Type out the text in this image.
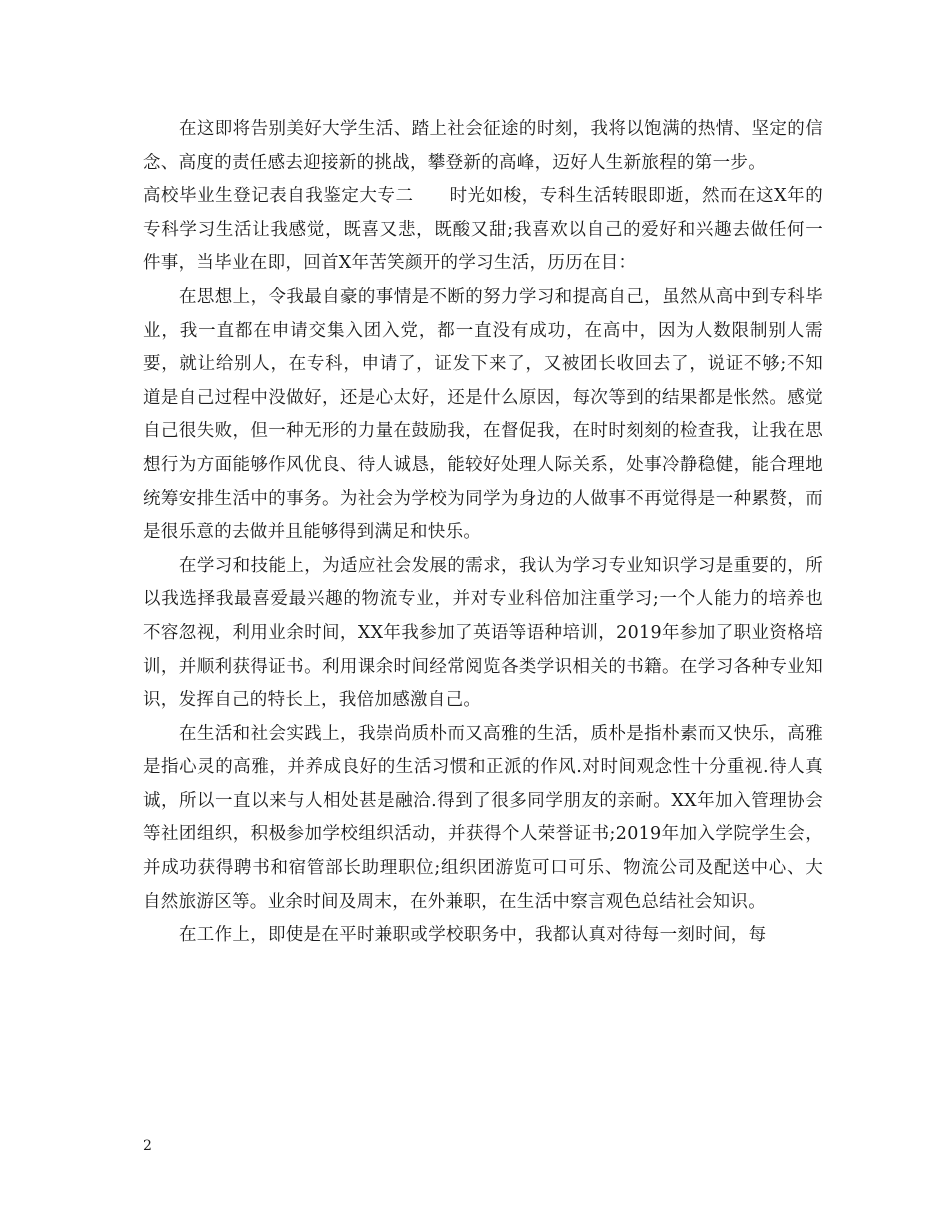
在这即将告别美好大学生活、踏上社会征途的时刻，我将以饱满的热情、坚定的信念、高度的责任感去迎接新的挑战，攀登新的高峰，迈好人生新旅程的第一步。

高校毕业生登记表自我鉴定大专二　　时光如梭，专科生活转眼即逝，然而在这X年的专科学习生活让我感觉，既喜又悲，既酸又甜;我喜欢以自己的爱好和兴趣去做任何一件事，当毕业在即，回首X年苦笑颜开的学习生活，历历在目：

在思想上，令我最自豪的事情是不断的努力学习和提高自己，虽然从高中到专科毕业，我一直都在申请交集入团入党，都一直没有成功，在高中，因为人数限制别人需要，就让给别人，在专科，申请了，证发下来了，又被团长收回去了，说证不够;不知道是自己过程中没做好，还是心太好，还是什么原因，每次等到的结果都是怅然。感觉自己很失败，但一种无形的力量在鼓励我，在督促我，在时时刻刻的检查我，让我在思想行为方面能够作风优良、待人诚恳，能较好处理人际关系，处事冷静稳健，能合理地统筹安排生活中的事务。为社会为学校为同学为身边的人做事不再觉得是一种累赘，而是很乐意的去做并且能够得到满足和快乐。

在学习和技能上，为适应社会发展的需求，我认为学习专业知识学习是重要的，所以我选择我最喜爱最兴趣的物流专业，并对专业科倍加注重学习;一个人能力的培养也不容忽视，利用业余时间，XX年我参加了英语等语种培训，2019年参加了职业资格培训，并顺利获得证书。利用课余时间经常阅览各类学识相关的书籍。在学习各种专业知识，发挥自己的特长上，我倍加感激自己。

在生活和社会实践上，我崇尚质朴而又高雅的生活，质朴是指朴素而又快乐，高雅是指心灵的高雅，并养成良好的生活习惯和正派的作风.对时间观念性十分重视.待人真诚，所以一直以来与人相处甚是融洽.得到了很多同学朋友的亲耐。XX年加入管理协会等社团组织，积极参加学校组织活动，并获得个人荣誉证书;2019年加入学院学生会，并成功获得聘书和宿管部长助理职位;组织团游览可口可乐、物流公司及配送中心、大自然旅游区等。业余时间及周末，在外兼职，在生活中察言观色总结社会知识。

在工作上，即使是在平时兼职或学校职务中，我都认真对待每一刻时间，每

2
